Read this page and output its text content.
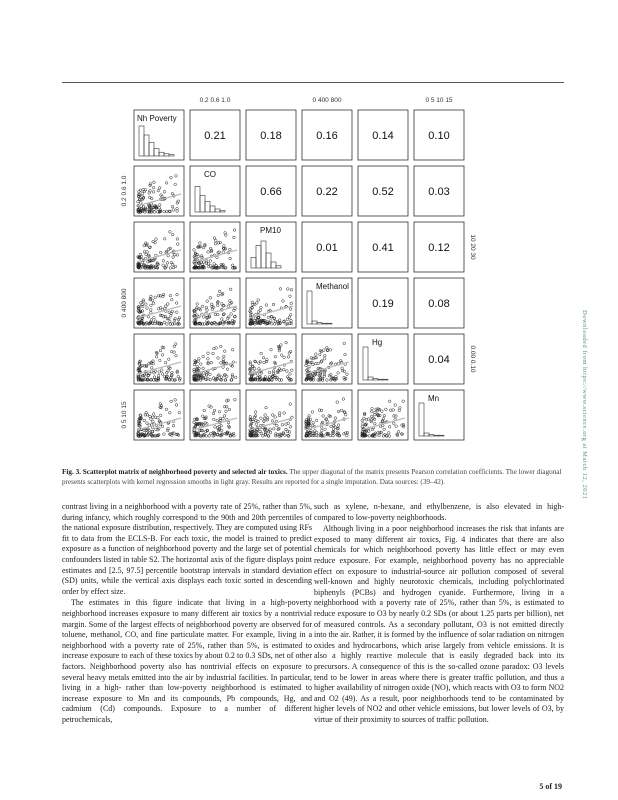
Nh Poverty
0.21	0.18	0.16	0.14	0.10
CO
0.66	0.22	0.52	0.03
PM10
0.01	0.41	0.12
Methanol
0.19	0.08
Hg
0.04
Mn
0.2 0.6 1.0	0 400 800	0 5 10 15
0.2 0.6 1.0
0 400 800
0 5 10 15
10 20 30
0.00 0.10
Fig. 3. Scatterplot matrix of neighborhood poverty and selected air toxics. The upper diagonal of the matrix presents Pearson correlation coefficients. The lower diagonal presents scatterplots with kernel regression smooths in light gray. Results are reported for a single imputation. Data sources: (39–42).

contrast living in a neighborhood with a poverty rate of 25%, rather than 5%, during infancy, which roughly correspond to the 90th and 20th percentiles of the national exposure distribution, respectively. They are computed using RFs fit to data from the ECLS-B. For each toxic, the model is trained to predict exposure as a function of neighborhood poverty and the large set of potential confounders listed in table S2. The horizontal axis of the figure displays point estimates and [2.5, 97.5] percentile bootstrap intervals in standard deviation (SD) units, while the vertical axis displays each toxic sorted in descending order by effect size.

The estimates in this figure indicate that living in a high-poverty neighborhood increases exposure to many different air toxics by a nontrivial margin. Some of the largest effects of neighborhood poverty are observed for toluene, methanol, CO, and fine particulate matter. For example, living in a neighborhood with a poverty rate of 25%, rather than 5%, is estimated to increase exposure to each of these toxics by about 0.2 to 0.3 SDs, net of other factors. Neighborhood poverty also has nontrivial effects on exposure to several heavy metals emitted into the air by industrial facilities. In particular, living in a high- rather than low-poverty neighborhood is estimated to increase exposure to Mn and its compounds, Pb compounds, Hg, and cadmium (Cd) compounds. Exposure to a number of different petrochemicals,

such as xylene, n-hexane, and ethylbenzene, is also elevated in high- compared to low-poverty neighborhoods.

Although living in a poor neighborhood increases the risk that infants are exposed to many different air toxics, Fig. 4 indicates that there are also chemicals for which neighborhood poverty has little effect or may even reduce exposure. For example, neighborhood poverty has no appreciable effect on exposure to industrial-source air pollution composed of several well-known and highly neurotoxic chemicals, including polychlorinated biphenyls (PCBs) and hydrogen cyanide. Furthermore, living in a neighborhood with a poverty rate of 25%, rather than 5%, is estimated to reduce exposure to O3 by nearly 0.2 SDs (or about 1.25 parts per billion), net of measured controls. As a secondary pollutant, O3 is not emitted directly into the air. Rather, it is formed by the influence of solar radiation on nitrogen oxides and hydrocarbons, which arise largely from vehicle emissions. It is also a highly reactive molecule that is easily degraded back into its precursors. A consequence of this is the so-called ozone paradox: O3 levels tend to be lower in areas where there is greater traffic pollution, and thus a higher availability of nitrogen oxide (NO), which reacts with O3 to form NO2 and O2 (49). As a result, poor neighborhoods tend to be contaminated by higher levels of NO2 and other vehicle emissions, but lower levels of O3, by virtue of their proximity to sources of traffic pollution.

Downloaded from https://www.science.org at March 12, 2021
5 of 19
